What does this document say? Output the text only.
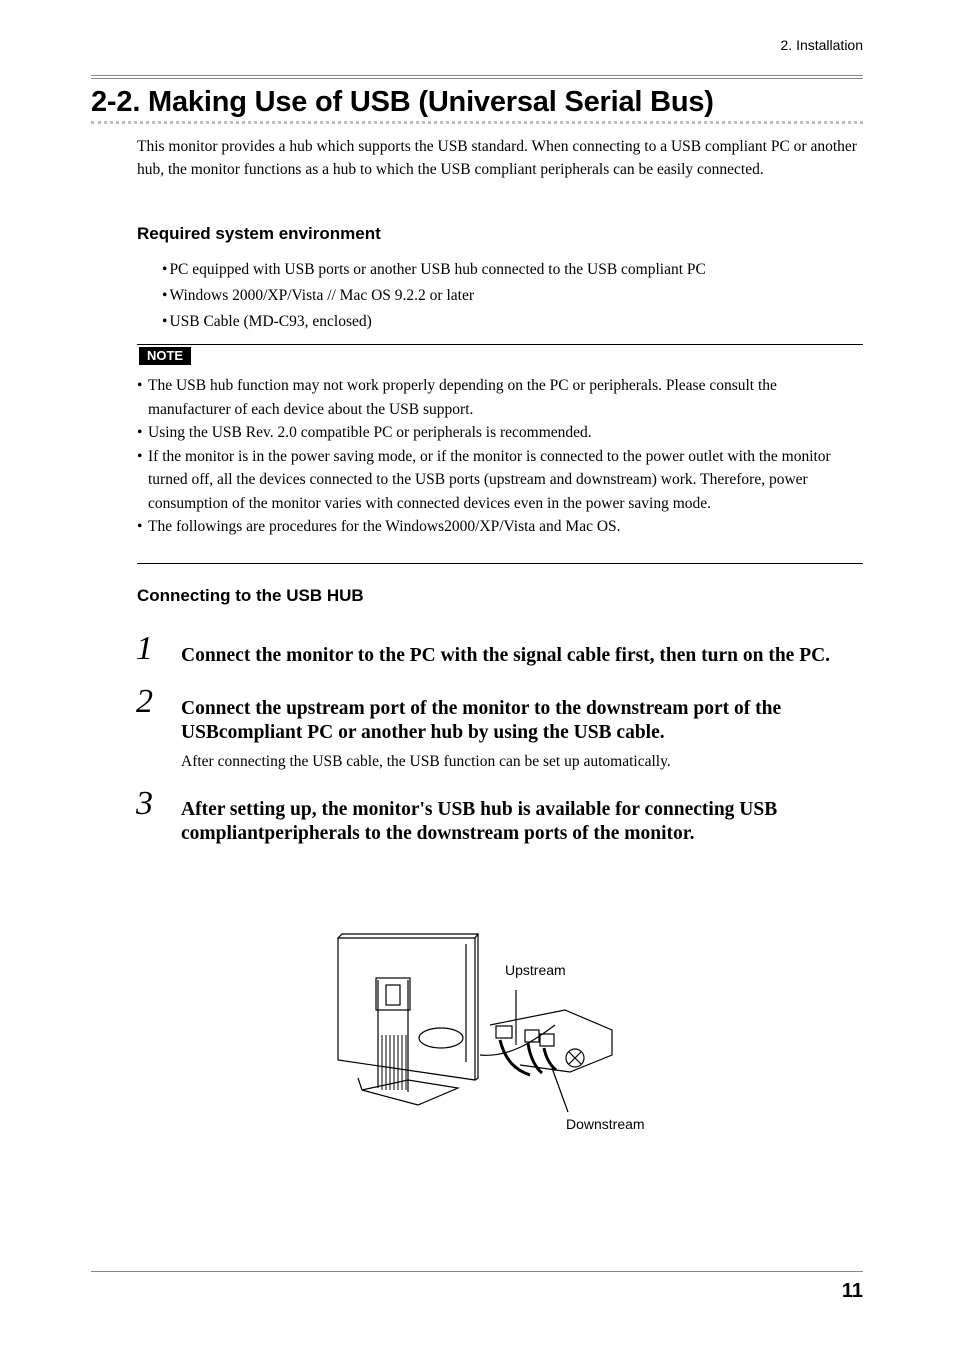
2. Installation
2-2. Making Use of USB (Universal Serial Bus)
This monitor provides a hub which supports the USB standard. When connecting to a USB compliant PC or another hub, the monitor functions as a hub to which the USB compliant peripherals can be easily connected.
Required system environment
• PC equipped with USB ports or another USB hub connected to the USB compliant PC
• Windows 2000/XP/Vista // Mac OS 9.2.2 or later
• USB Cable (MD-C93, enclosed)
NOTE
• The USB hub function may not work properly depending on the PC or peripherals. Please consult the manufacturer of each device about the USB support.
• Using the USB Rev. 2.0 compatible PC or peripherals is recommended.
• If the monitor is in the power saving mode, or if the monitor is connected to the power outlet with the monitor turned off, all the devices connected to the USB ports (upstream and downstream) work. Therefore, power consumption of the monitor varies with connected devices even in the power saving mode.
• The followings are procedures for the Windows2000/XP/Vista and Mac OS.
Connecting to the USB HUB
1 Connect the monitor to the PC with the signal cable first, then turn on the PC.
2 Connect the upstream port of the monitor to the downstream port of the USBcompliant PC or another hub by using the USB cable.
After connecting the USB cable, the USB function can be set up automatically.
3 After setting up, the monitor's USB hub is available for connecting USB compliantperipherals to the downstream ports of the monitor.
Upstream
Downstream
11
